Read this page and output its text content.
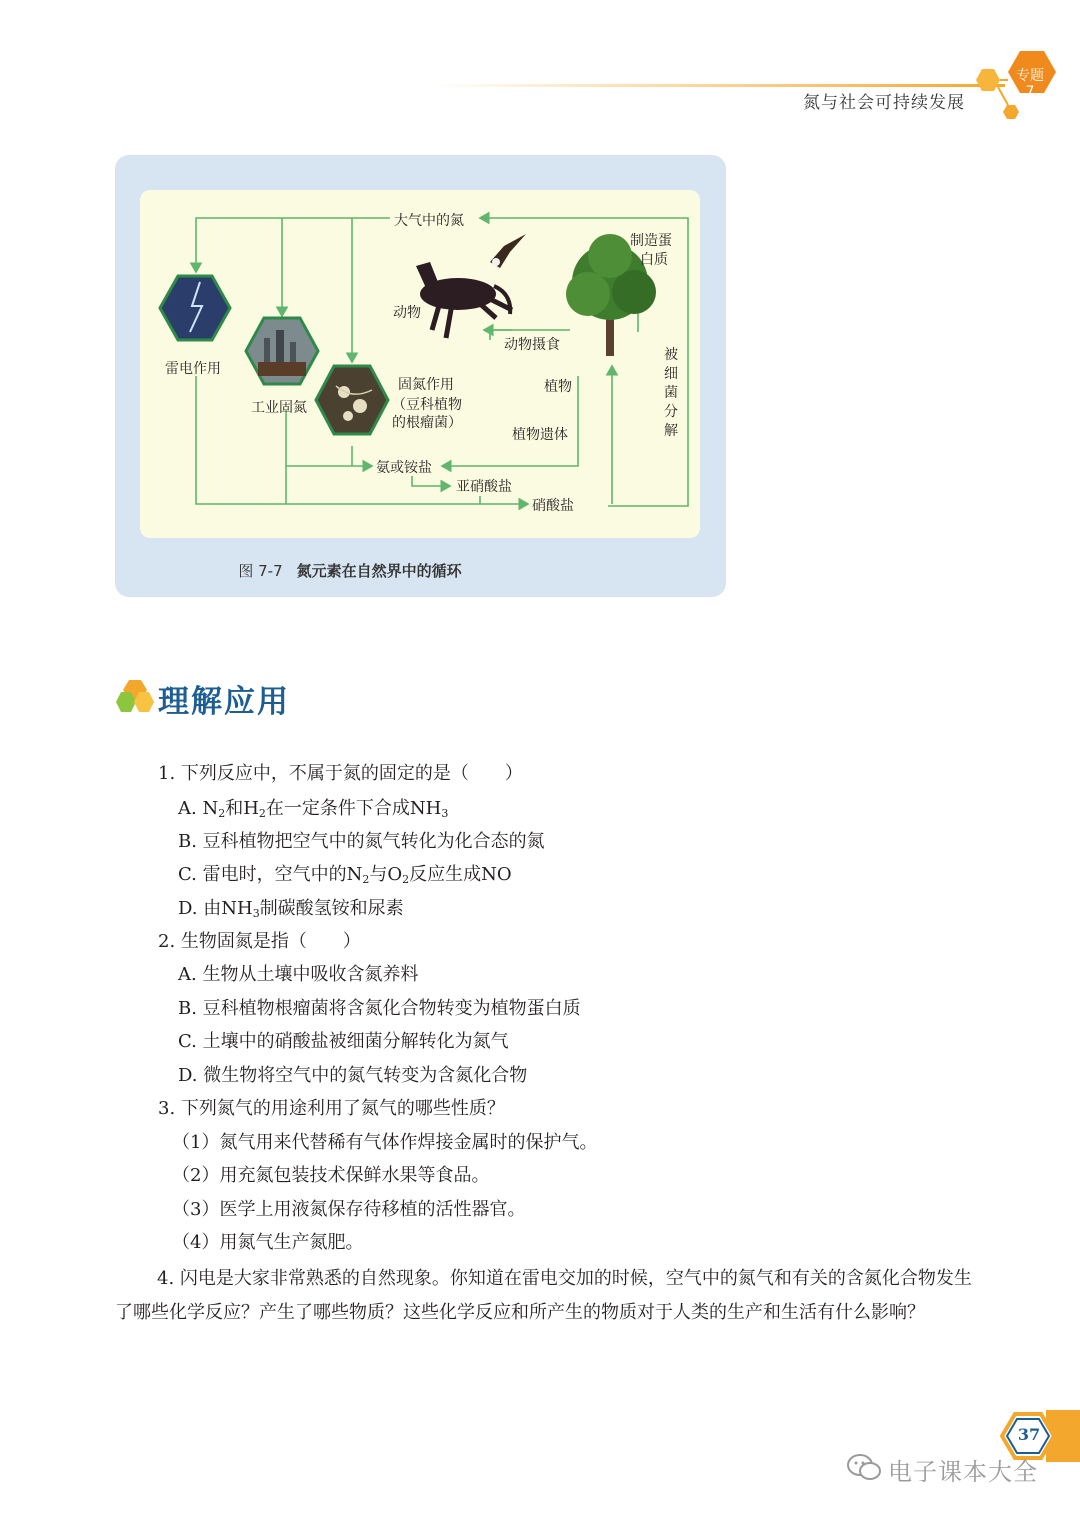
氮与社会可持续发展
专题
7
大气中的氮
制造蛋
白质
动物
动物摄食
雷电作用
工业固氮
固氮作用
（豆科植物
的根瘤菌）
植物
植物遗体
被细菌分解
氨或铵盐
亚硝酸盐
硝酸盐
图 7-7 氮元素在自然界中的循环
理解应用
1. 下列反应中，不属于氮的固定的是（　　）
A. $N_2$和$H_2$在一定条件下合成$NH_3$
B. 豆科植物把空气中的氮气转化为化合态的氮
C. 雷电时，空气中的$N_2$与$O_2$反应生成NO
D. 由$NH_3$制碳酸氢铵和尿素
2. 生物固氮是指（　　）
A. 生物从土壤中吸收含氮养料
B. 豆科植物根瘤菌将含氮化合物转变为植物蛋白质
C. 土壤中的硝酸盐被细菌分解转化为氮气
D. 微生物将空气中的氮气转变为含氮化合物
3. 下列氮气的用途利用了氮气的哪些性质？
（1）氮气用来代替稀有气体作焊接金属时的保护气。
（2）用充氮包装技术保鲜水果等食品。
（3）医学上用液氮保存待移植的活性器官。
（4）用氮气生产氮肥。
4. 闪电是大家非常熟悉的自然现象。你知道在雷电交加的时候，空气中的氮气和有关的含氮化合物发生了哪些化学反应？产生了哪些物质？这些化学反应和所产生的物质对于人类的生产和生活有什么影响？
37
电子课本大全
